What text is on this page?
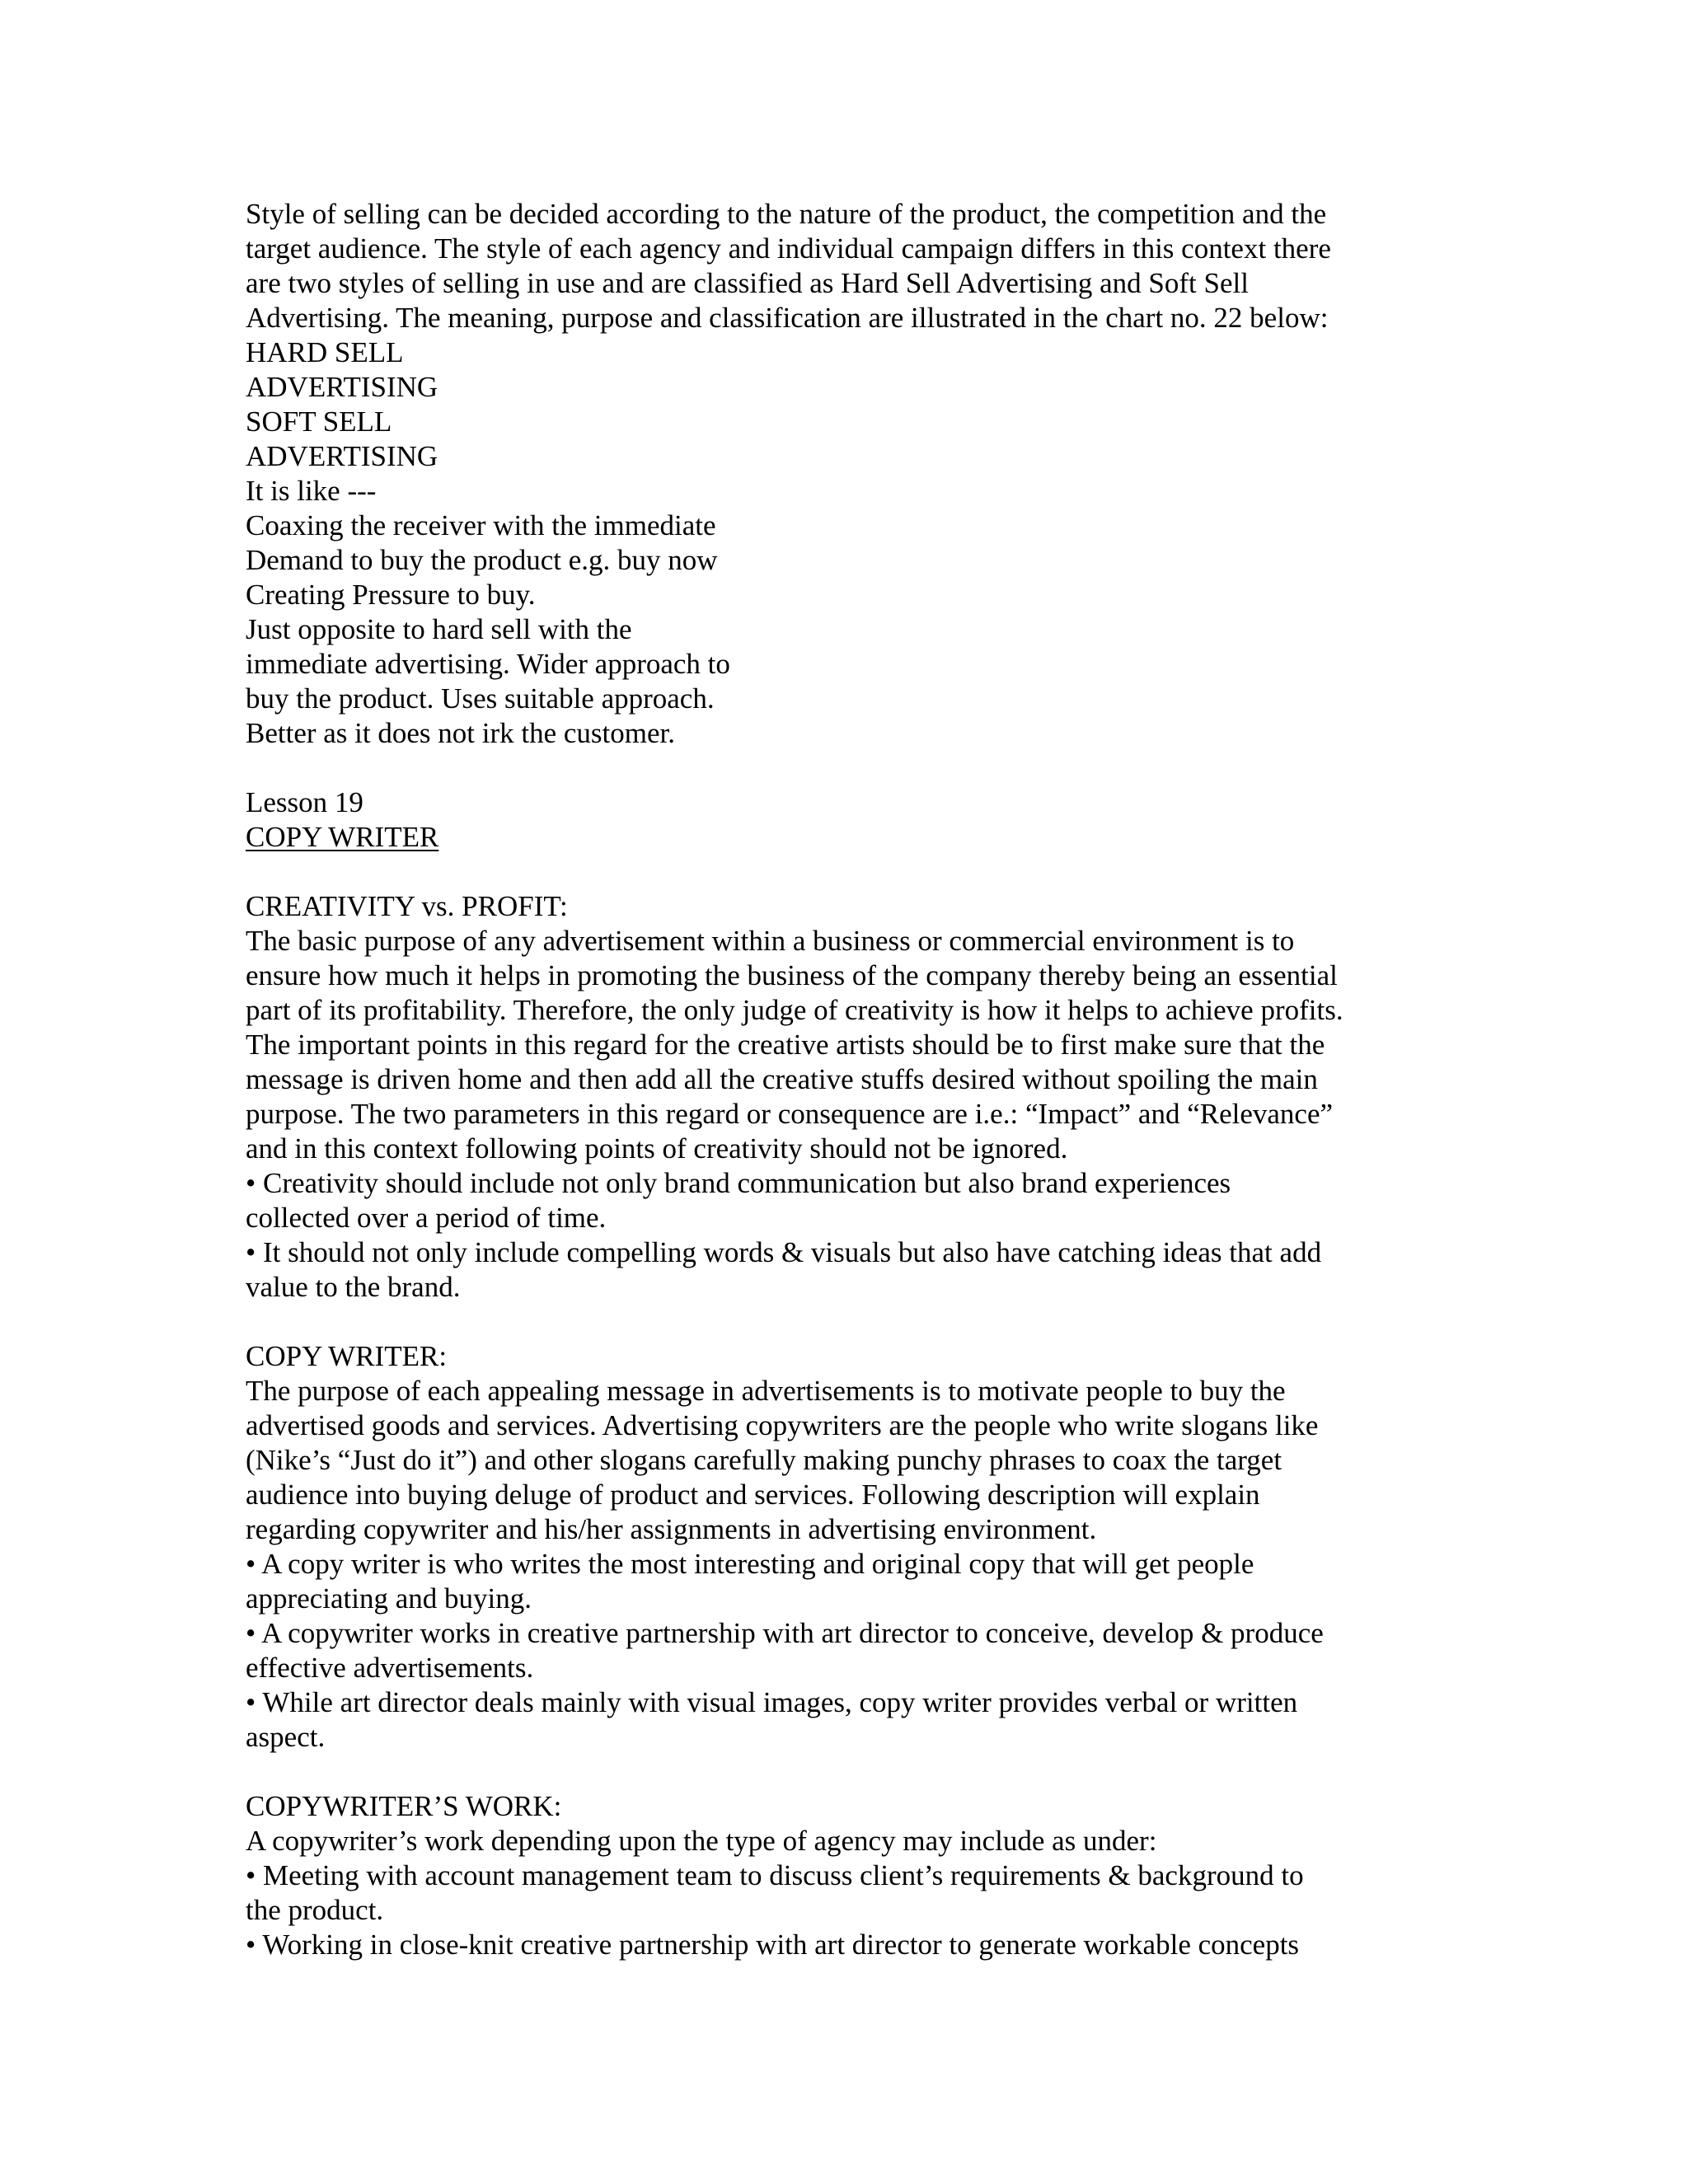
Style of selling can be decided according to the nature of the product, the competition and the
target audience. The style of each agency and individual campaign differs in this context there
are two styles of selling in use and are classified as Hard Sell Advertising and Soft Sell
Advertising. The meaning, purpose and classification are illustrated in the chart no. 22 below:
HARD SELL
ADVERTISING
SOFT SELL
ADVERTISING
It is like ---
Coaxing the receiver with the immediate
Demand to buy the product e.g. buy now
Creating Pressure to buy.
Just opposite to hard sell with the
immediate advertising. Wider approach to
buy the product. Uses suitable approach.
Better as it does not irk the customer.
Lesson 19
COPY WRITER
CREATIVITY vs. PROFIT:
The basic purpose of any advertisement within a business or commercial environment is to
ensure how much it helps in promoting the business of the company thereby being an essential
part of its profitability. Therefore, the only judge of creativity is how it helps to achieve profits.
The important points in this regard for the creative artists should be to first make sure that the
message is driven home and then add all the creative stuffs desired without spoiling the main
purpose. The two parameters in this regard or consequence are i.e.: “Impact” and “Relevance”
and in this context following points of creativity should not be ignored.
• Creativity should include not only brand communication but also brand experiences
collected over a period of time.
• It should not only include compelling words & visuals but also have catching ideas that add
value to the brand.
COPY WRITER:
The purpose of each appealing message in advertisements is to motivate people to buy the
advertised goods and services. Advertising copywriters are the people who write slogans like
(Nike’s “Just do it”) and other slogans carefully making punchy phrases to coax the target
audience into buying deluge of product and services. Following description will explain
regarding copywriter and his/her assignments in advertising environment.
• A copy writer is who writes the most interesting and original copy that will get people
appreciating and buying.
• A copywriter works in creative partnership with art director to conceive, develop & produce
effective advertisements.
• While art director deals mainly with visual images, copy writer provides verbal or written
aspect.
COPYWRITER’S WORK:
A copywriter’s work depending upon the type of agency may include as under:
• Meeting with account management team to discuss client’s requirements & background to
the product.
• Working in close-knit creative partnership with art director to generate workable concepts
